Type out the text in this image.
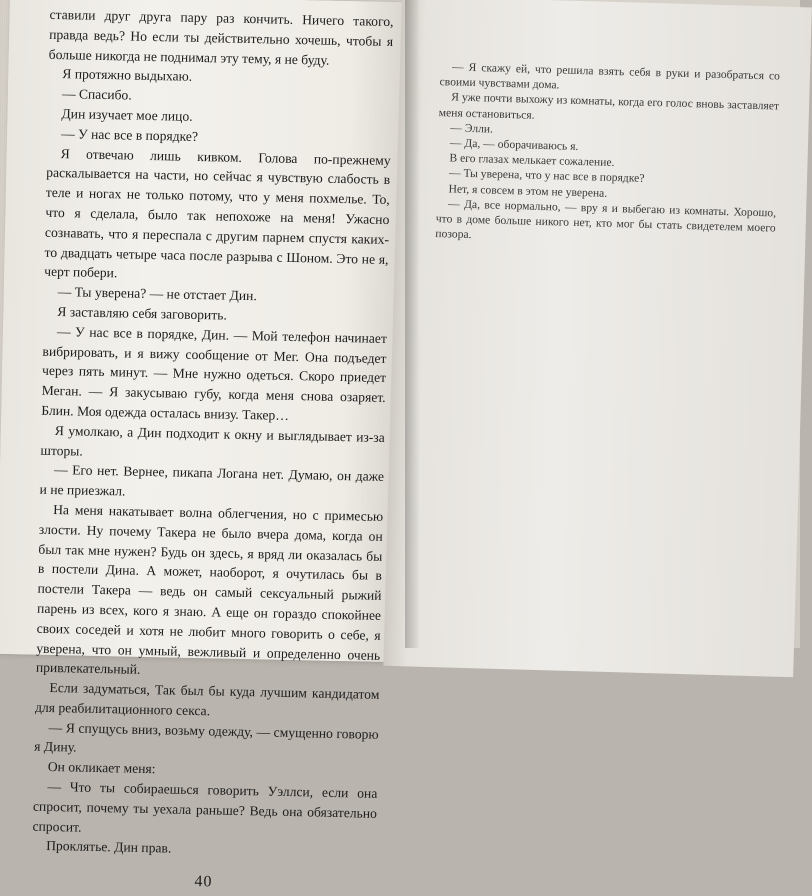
ставили друг друга пару раз кончить. Ничего такого, правда ведь? Но если ты действительно хочешь, чтобы я больше никогда не поднимал эту тему, я не буду.

Я протяжно выдыхаю.

— Спасибо.

Дин изучает мое лицо.

— У нас все в порядке?

Я отвечаю лишь кивком. Голова по-прежнему раскалывается на части, но сейчас я чувствую слабость в теле и ногах не только потому, что у меня похмелье. То, что я сделала, было так непохоже на меня! Ужасно сознавать, что я переспала с другим парнем спустя каких-то двадцать четыре часа после разрыва с Шоном. Это не я, черт побери.

— Ты уверена? — не отстает Дин.

Я заставляю себя заговорить.

— У нас все в порядке, Дин. — Мой телефон начинает вибрировать, и я вижу сообщение от Мег. Она подъедет через пять минут. — Мне нужно одеться. Скоро приедет Меган. — Я закусываю губу, когда меня снова озаряет. Блин. Моя одежда осталась внизу. Такер…

Я умолкаю, а Дин подходит к окну и выглядывает из-за шторы.

— Его нет. Вернее, пикапа Логана нет. Думаю, он даже и не приезжал.

На меня накатывает волна облегчения, но с примесью злости. Ну почему Такера не было вчера дома, когда он был так мне нужен? Будь он здесь, я вряд ли оказалась бы в постели Дина. А может, наоборот, я очутилась бы в постели Такера — ведь он самый сексуальный рыжий парень из всех, кого я знаю. А еще он гораздо спокойнее своих соседей и хотя не любит много говорить о себе, я уверена, что он умный, вежливый и определенно очень привлекательный.

Если задуматься, Так был бы куда лучшим кандидатом для реабилитационного секса.

— Я спущусь вниз, возьму одежду, — смущенно говорю я Дину.

Он окликает меня:

— Что ты собираешься говорить Уэллси, если она спросит, почему ты уехала раньше? Ведь она обязательно спросит.

Проклятье. Дин прав.

40

— Я скажу ей, что решила взять себя в руки и разобраться со своими чувствами дома.

Я уже почти выхожу из комнаты, когда его голос вновь заставляет меня остановиться.

— Элли.

— Да, — оборачиваюсь я.

В его глазах мелькает сожаление.

— Ты уверена, что у нас все в порядке?

Нет, я совсем в этом не уверена.

— Да, все нормально, — вру я и выбегаю из комнаты. Хорошо, что в доме больше никого нет, кто мог бы стать свидетелем моего позора.
